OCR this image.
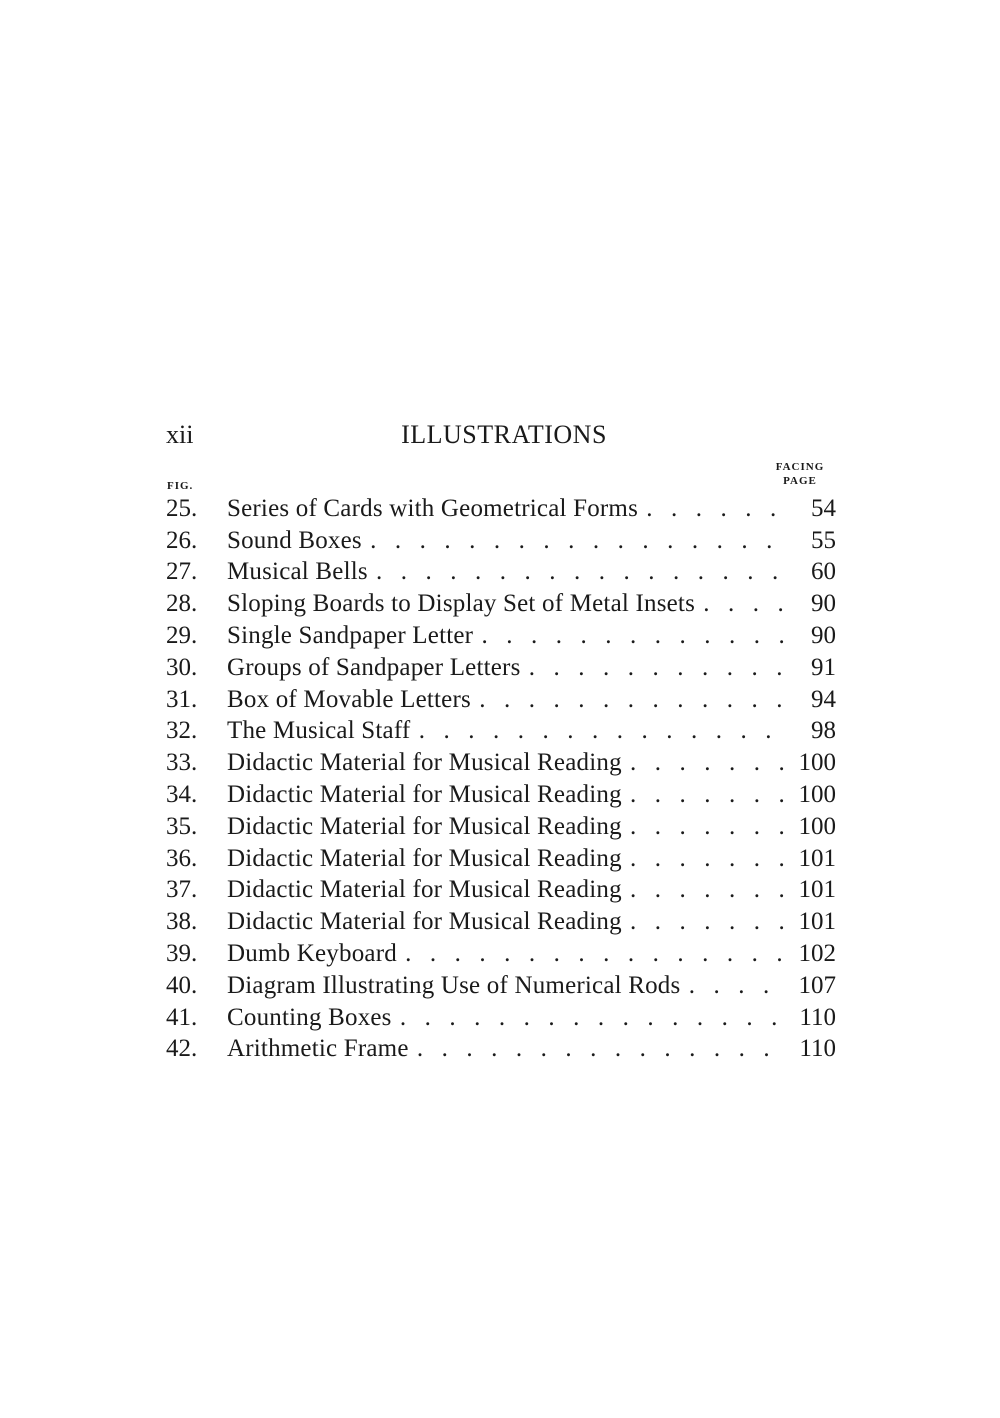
xii	ILLUSTRATIONS
FIG.
FACING
PAGE
25.	Series of Cards with Geometrical Forms . .	54
26.	Sound Boxes . .	55
27.	Musical Bells . .	60
28.	Sloping Boards to Display Set of Metal Insets . .	90
29.	Single Sandpaper Letter . .	90
30.	Groups of Sandpaper Letters . .	91
31.	Box of Movable Letters . .	94
32.	The Musical Staff . .	98
33.	Didactic Material for Musical Reading . .	100
34.	Didactic Material for Musical Reading . .	100
35.	Didactic Material for Musical Reading . .	100
36.	Didactic Material for Musical Reading . .	101
37.	Didactic Material for Musical Reading . .	101
38.	Didactic Material for Musical Reading . .	101
39.	Dumb Keyboard . .	102
40.	Diagram Illustrating Use of Numerical Rods . .	107
41.	Counting Boxes . .	110
42.	Arithmetic Frame . .	110
